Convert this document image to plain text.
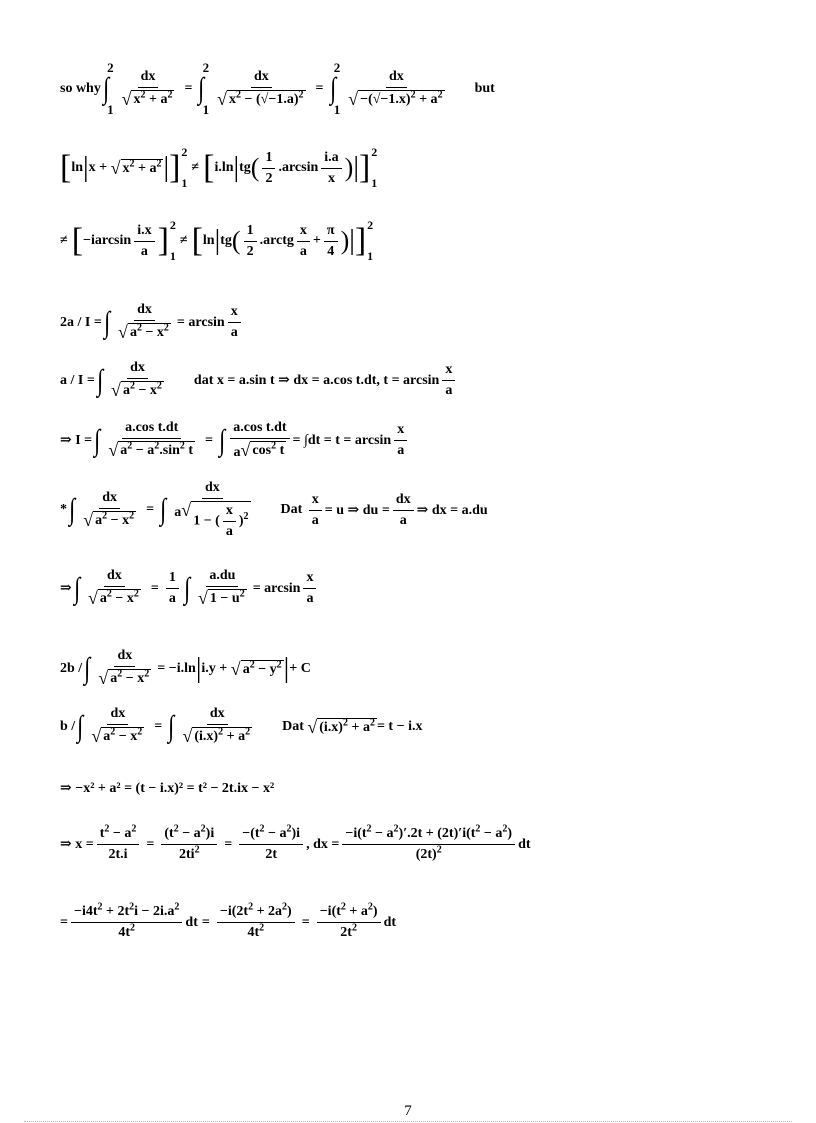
so why ∫
2
$1 \frac{dx}{√ x^2 + a^2}$ = ∫
2
$1 \frac{dx}{√ x^2 - (√-1.a)^2}$ = ∫
2
$1 \frac{dx}{√ -(√-1.x)^2 + a^2}$ but
[ ln | x + √ $x^2 + a^2$ | ] 2
1
≠ [ i.ln | tg ( $\frac{1}{2}$ . $\arcsin \frac{i.a}{x}$ ) | ] 2
1
≠ [ $-iarcsin \frac{i.x}{a}$ ] 2
1
≠ [ ln | tg ( $\frac{1}{2}$ . arctg $\frac{x}{a} + \frac{\pi}{4}$ ) | ] 2
1
2a / I = ∫ $\frac{dx}{√ a^2 - x^2} = \arcsin \frac{x}{a}$
a / I = ∫ $\frac{dx}{√ a^2 - x^2}$ dat x = a.sin t ⇒ dx = a.cos t.dt, $t = \arcsin \frac{x}{a}$
⇒ I = ∫ $\frac{\text{a.cos t.dt}}{√ a^2 - a^2.\sin^2 t}$ = ∫ $\frac{\text{a.cos t.dt}}{a √ \cos^2 t} = \int dt = t = \arcsin \frac{x}{a}$
* ∫ $\frac{dx}{√ a^2 - x^2}$ = ∫ dx
a √
1 − ( $\frac{x}{a} )^2$ Dat
$\frac{x}{a} = u$ ⇒ du = $\frac{dx}{a}$ ⇒ dx = a.du
⇒ ∫ $\frac{dx}{√ a^2 - x^2} = \frac{1}{a}$ ∫ $\frac{a.du}{√ 1 - u^2} = \arcsin \frac{x}{a}$
2b / ∫ $\frac{dx}{√ a^2 - x^2} = -i.\ln$ | i.y +
√ $a^2 - y^2$ | + C
b / ∫ $\frac{dx}{√ a^2 - x^2}$ = ∫ $\frac{dx}{√ (i.x)^2 + a^2}$ Dat
√ $(i.x)^2 + a^2 = t - i.x$
⇒ −x² + a² = (t − i.x)² = t² − 2t.ix − x²
⇒ $x = \frac{t^2 - a^2}{2t.i} = \frac{(t^2 - a^2)i}{2ti^2} = \frac{-(t^2 - a^2)i}{2t}$ , dx = $\frac{-i(t^2 - a^2)'.2t + (2t)'i(t^2 - a^2)}{(2t)^2}$ dt
= $\frac{-i4t^2 + 2t^2i - 2i.a^2}{4t^2}$ dt = $\frac{-i(2t^2 + 2a^2)}{4t^2} = \frac{-i(t^2 + a^2)}{2t^2}$ dt
7
